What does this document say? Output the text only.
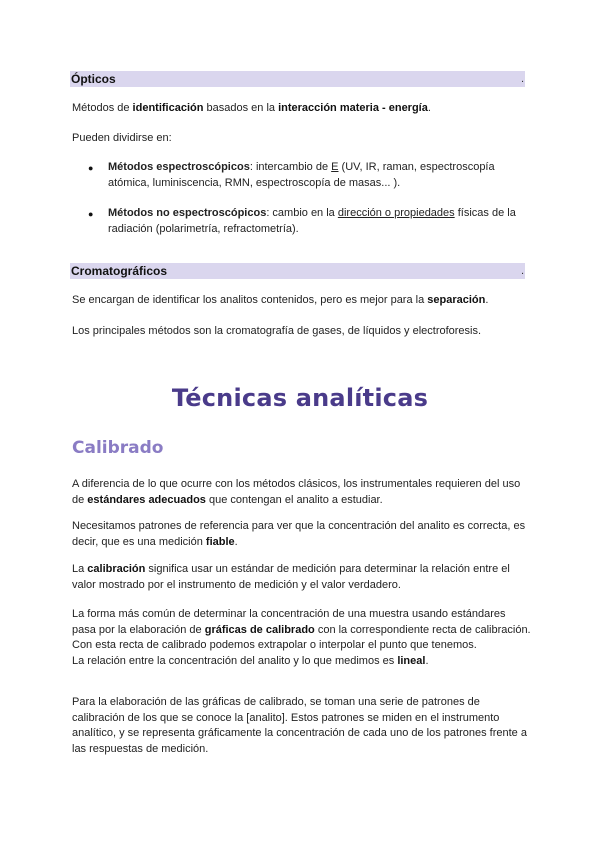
Ópticos	.

Métodos de identificación basados en la interacción materia - energía.

Pueden dividirse en:

● Métodos espectroscópicos: intercambio de E (UV, IR, raman, espectroscopía atómica, luminiscencia, RMN, espectroscopía de masas... ).

● Métodos no espectroscópicos: cambio en la dirección o propiedades físicas de la radiación (polarimetría, refractometría).

Cromatográficos	.

Se encargan de identificar los analitos contenidos, pero es mejor para la separación.

Los principales métodos son la cromatografía de gases, de líquidos y electroforesis.

Técnicas analíticas
Calibrado

A diferencia de lo que ocurre con los métodos clásicos, los instrumentales requieren del uso de estándares adecuados que contengan el analito a estudiar.

Necesitamos patrones de referencia para ver que la concentración del analito es correcta, es decir, que es una medición fiable.

La calibración significa usar un estándar de medición para determinar la relación entre el valor mostrado por el instrumento de medición y el valor verdadero.

La forma más común de determinar la concentración de una muestra usando estándares pasa por la elaboración de gráficas de calibrado con la correspondiente recta de calibración.
Con esta recta de calibrado podemos extrapolar o interpolar el punto que tenemos.
La relación entre la concentración del analito y lo que medimos es lineal.

Para la elaboración de las gráficas de calibrado, se toman una serie de patrones de calibración de los que se conoce la [analito]. Estos patrones se miden en el instrumento analítico, y se representa gráficamente la concentración de cada uno de los patrones frente a las respuestas de medición.
